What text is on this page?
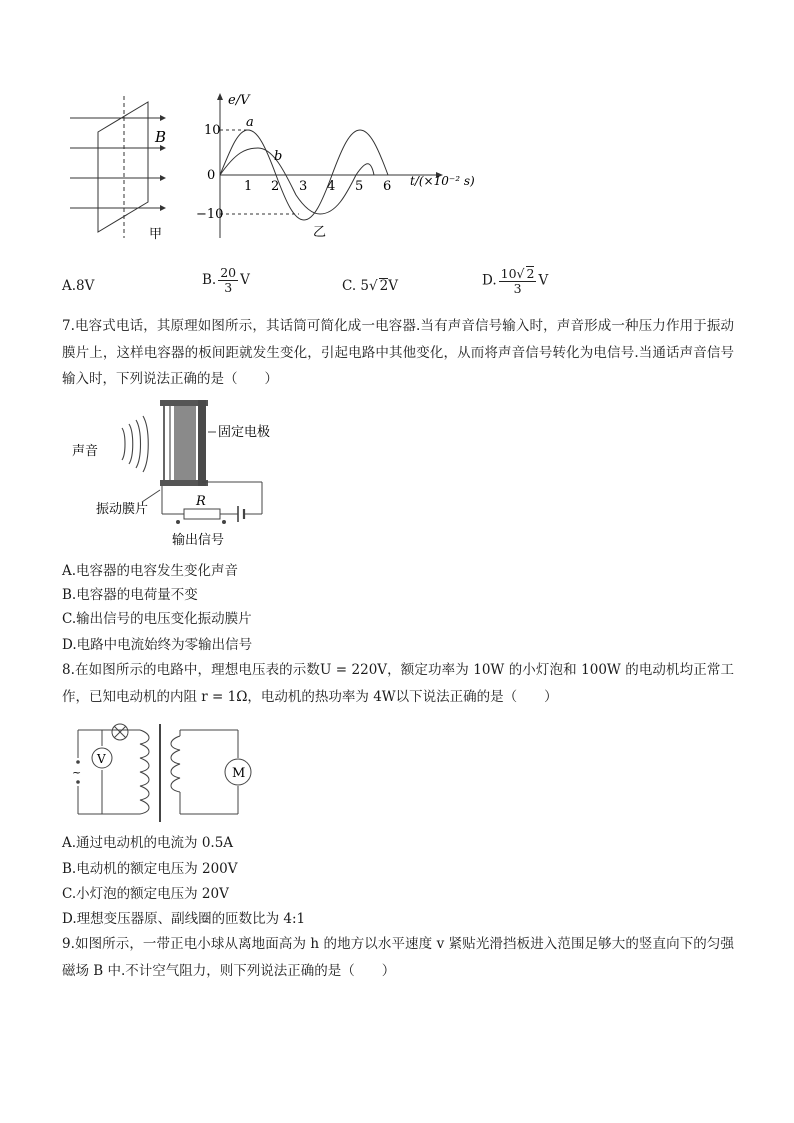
B
甲
e/V
10
0
−10
1 2 3 4 5 6 t/(×10⁻² s)
a
b
乙
A.8V	B. $\frac{20}{3}$ V	C. 5√ 2V	D. $\frac{10√ 2}{3}$ V
7.电容式电话，其原理如图所示，其话筒可简化成一电容器.当有声音信号输入时，声音形成一种压力作用于振动膜片上，这样电容器的板间距就发生变化，引起电路中其他变化，从而将声音信号转化为电信号.当通话声音信号输入时，下列说法正确的是（　　）
声音
固定电极
振动膜片
R
输出信号
A.电容器的电容发生变化声音
B.电容器的电荷量不变
C.输出信号的电压变化振动膜片
D.电路中电流始终为零输出信号
8.在如图所示的电路中，理想电压表的示数U = 220V，额定功率为 10W 的小灯泡和 100W 的电动机均正常工作，已知电动机的内阻 r = 1Ω，电动机的热功率为 4W以下说法正确的是（　　）
~
V
M
A.通过电动机的电流为 0.5A
B.电动机的额定电压为 200V
C.小灯泡的额定电压为 20V
D.理想变压器原、副线圈的匝数比为 4:1
9.如图所示，一带正电小球从离地面高为 h 的地方以水平速度 v 紧贴光滑挡板进入范围足够大的竖直向下的匀强磁场 B 中.不计空气阻力，则下列说法正确的是（　　）
